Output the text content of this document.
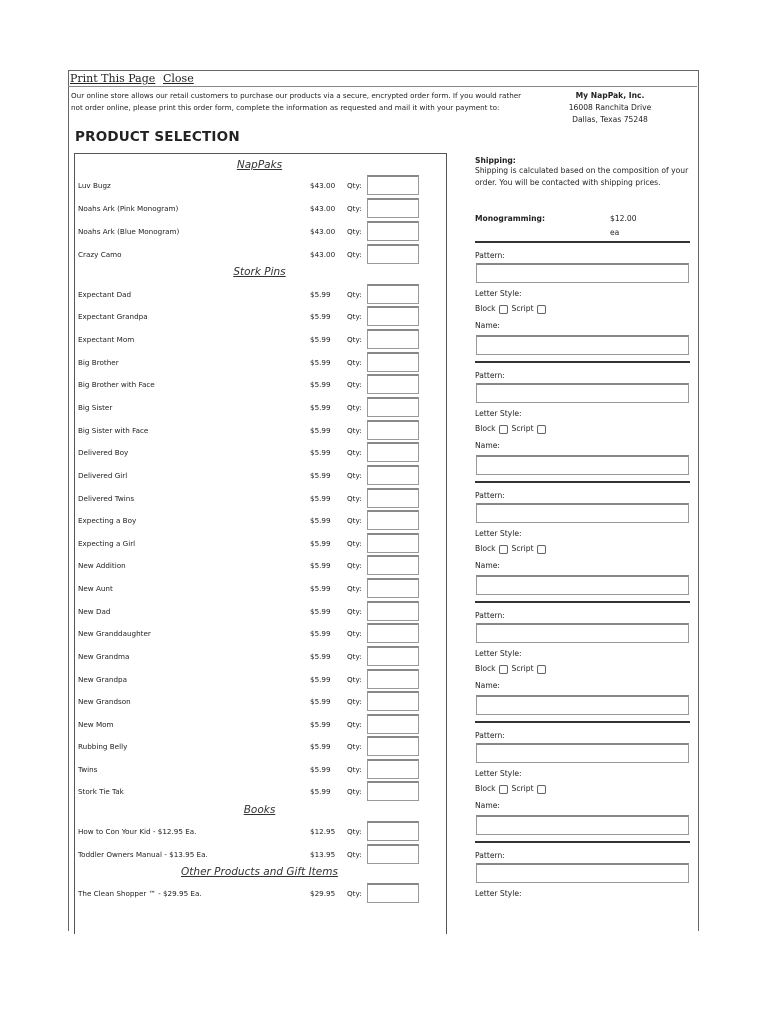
Print This Page Close
Our online store allows our retail customers to purchase our products via a secure, encrypted order form. If you would rather not order online, please print this order form, complete the information as requested and mail it with your payment to:
My NapPak, Inc.
16008 Ranchita Drive
Dallas, Texas 75248
PRODUCT SELECTION
NapPaks
Luv Bugz	$43.00 Qty:
Noahs Ark (Pink Monogram)	$43.00 Qty:
Noahs Ark (Blue Monogram)	$43.00 Qty:
Crazy Camo	$43.00 Qty:
Stork Pins
Expectant Dad	$5.99 Qty:
Expectant Grandpa	$5.99 Qty:
Expectant Mom	$5.99 Qty:
Big Brother	$5.99 Qty:
Big Brother with Face	$5.99 Qty:
Big Sister	$5.99 Qty:
Big Sister with Face	$5.99 Qty:
Delivered Boy	$5.99 Qty:
Delivered Girl	$5.99 Qty:
Delivered Twins	$5.99 Qty:
Expecting a Boy	$5.99 Qty:
Expecting a Girl	$5.99 Qty:
New Addition	$5.99 Qty:
New Aunt	$5.99 Qty:
New Dad	$5.99 Qty:
New Granddaughter	$5.99 Qty:
New Grandma	$5.99 Qty:
New Grandpa	$5.99 Qty:
New Grandson	$5.99 Qty:
New Mom	$5.99 Qty:
Rubbing Belly	$5.99 Qty:
Twins	$5.99 Qty:
Stork Tie Tak	$5.99 Qty:
Books
How to Con Your Kid - $12.95 Ea.	$12.95 Qty:
Toddler Owners Manual - $13.95 Ea.	$13.95 Qty:
Other Products and Gift Items
The Clean Shopper ™ - $29.95 Ea.	$29.95 Qty:
Shipping:
Shipping is calculated based on the composition of your order. You will be contacted with shipping prices.
Monogramming:	$12.00
ea
Pattern:
Letter Style:
Block Script
Name:
Pattern:
Letter Style:
Block Script
Name:
Pattern:
Letter Style:
Block Script
Name:
Pattern:
Letter Style:
Block Script
Name:
Pattern:
Letter Style:
Block Script
Name:
Pattern:
Letter Style:
